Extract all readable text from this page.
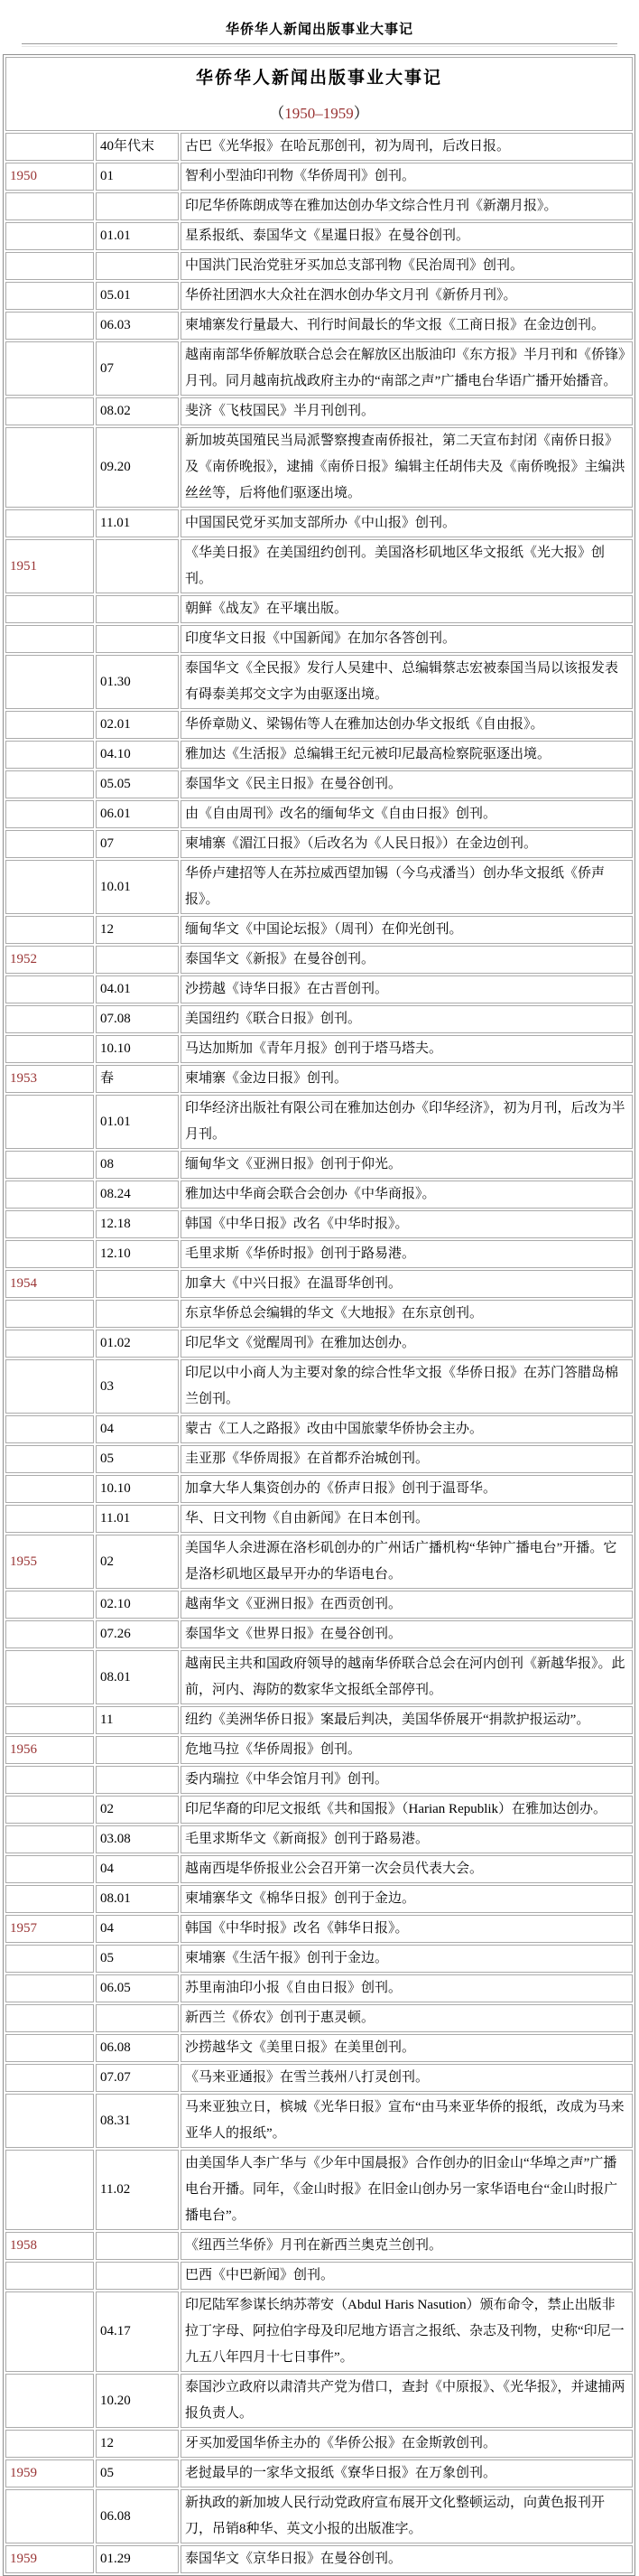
华侨华人新闻出版事业大事记
华侨华人新闻出版事业大事记
（1950–1959）		

	40年代末	古巴《光华报》在哈瓦那创刊，初为周刊，后改日报。
1950	01	智利小型油印刊物《华侨周刊》创刊。
		印尼华侨陈朗成等在雅加达创办华文综合性月刊《新潮月报》。
	01.01	星系报纸、泰国华文《星暹日报》在曼谷创刊。
		中国洪门民治党驻牙买加总支部刊物《民治周刊》创刊。
	05.01	华侨社团泗水大众社在泗水创办华文月刊《新侨月刊》。
	06.03	柬埔寨发行量最大、刊行时间最长的华文报《工商日报》在金边创刊。
	07	越南南部华侨解放联合总会在解放区出版油印《东方报》半月刊和《侨锋》月刊。同月越南抗战政府主办的“南部之声”广播电台华语广播开始播音。
	08.02	斐济《飞枝国民》半月刊创刊。
	09.20	新加坡英国殖民当局派警察搜查南侨报社，第二天宣布封闭《南侨日报》及《南侨晚报》，逮捕《南侨日报》编辑主任胡伟夫及《南侨晚报》主编洪丝丝等，后将他们驱逐出境。
	11.01	中国国民党牙买加支部所办《中山报》创刊。
1951		《华美日报》在美国纽约创刊。美国洛杉矶地区华文报纸《光大报》创刊。
		朝鲜《战友》在平壤出版。
		印度华文日报《中国新闻》在加尔各答创刊。
	01.30	泰国华文《全民报》发行人吴建中、总编辑蔡志宏被泰国当局以该报发表有碍泰美邦交文字为由驱逐出境。
	02.01	华侨章勋义、梁锡佑等人在雅加达创办华文报纸《自由报》。
	04.10	雅加达《生活报》总编辑王纪元被印尼最高检察院驱逐出境。
	05.05	泰国华文《民主日报》在曼谷创刊。
	06.01	由《自由周刊》改名的缅甸华文《自由日报》创刊。
	07	柬埔寨《湄江日报》（后改名为《人民日报》）在金边创刊。
	10.01	华侨卢建招等人在苏拉威西望加锡（今乌戎潘当）创办华文报纸《侨声报》。
	12	缅甸华文《中国论坛报》（周刊）在仰光创刊。
1952		泰国华文《新报》在曼谷创刊。
	04.01	沙捞越《诗华日报》在古晋创刊。
	07.08	美国纽约《联合日报》创刊。
	10.10	马达加斯加《青年月报》创刊于塔马塔夫。
1953	春	柬埔寨《金边日报》创刊。
	01.01	印华经济出版社有限公司在雅加达创办《印华经济》，初为月刊，后改为半月刊。
	08	缅甸华文《亚洲日报》创刊于仰光。
	08.24	雅加达中华商会联合会创办《中华商报》。
	12.18	韩国《中华日报》改名《中华时报》。
	12.10	毛里求斯《华侨时报》创刊于路易港。
1954		加拿大《中兴日报》在温哥华创刊。
		东京华侨总会编辑的华文《大地报》在东京创刊。
	01.02	印尼华文《觉醒周刊》在雅加达创办。
	03	印尼以中小商人为主要对象的综合性华文报《华侨日报》在苏门答腊岛棉兰创刊。
	04	蒙古《工人之路报》改由中国旅蒙华侨协会主办。
	05	圭亚那《华侨周报》在首都乔治城创刊。
	10.10	加拿大华人集资创办的《侨声日报》创刊于温哥华。
	11.01	华、日文刊物《自由新闻》在日本创刊。
1955	02	美国华人余进源在洛杉矶创办的广州话广播机构“华钟广播电台”开播。它是洛杉矶地区最早开办的华语电台。
	02.10	越南华文《亚洲日报》在西贡创刊。
	07.26	泰国华文《世界日报》在曼谷创刊。
	08.01	越南民主共和国政府领导的越南华侨联合总会在河内创刊《新越华报》。此前，河内、海防的数家华文报纸全部停刊。
	11	纽约《美洲华侨日报》案最后判决，美国华侨展开“捐款护报运动”。
1956		危地马拉《华侨周报》创刊。
		委内瑞拉《中华会馆月刊》创刊。
	02	印尼华裔的印尼文报纸《共和国报》（Harian Republik）在雅加达创办。
	03.08	毛里求斯华文《新商报》创刊于路易港。
	04	越南西堤华侨报业公会召开第一次会员代表大会。
	08.01	柬埔寨华文《棉华日报》创刊于金边。
1957	04	韩国《中华时报》改名《韩华日报》。
	05	柬埔寨《生活午报》创刊于金边。
	06.05	苏里南油印小报《自由日报》创刊。
		新西兰《侨农》创刊于惠灵顿。
	06.08	沙捞越华文《美里日报》在美里创刊。
	07.07	《马来亚通报》在雪兰莪州八打灵创刊。
	08.31	马来亚独立日，槟城《光华日报》宣布“由马来亚华侨的报纸，改成为马来亚华人的报纸”。
	11.02	由美国华人李广华与《少年中国晨报》合作创办的旧金山“华埠之声”广播电台开播。同年，《金山时报》在旧金山创办另一家华语电台“金山时报广播电台”。
1958		《纽西兰华侨》月刊在新西兰奥克兰创刊。
		巴西《中巴新闻》创刊。
	04.17	印尼陆军参谋长纳苏蒂安（Abdul Haris Nasution）颁布命令，禁止出版非拉丁字母、阿拉伯字母及印尼地方语言之报纸、杂志及刊物，史称“印尼一九五八年四月十七日事件”。
	10.20	泰国沙立政府以肃清共产党为借口，查封《中原报》、《光华报》，并逮捕两报负责人。
	12	牙买加爱国华侨主办的《华侨公报》在金斯敦创刊。
1959	05	老挝最早的一家华文报纸《寮华日报》在万象创刊。
	06.08	新执政的新加坡人民行动党政府宣布展开文化整顿运动，向黄色报刊开刀，吊销8种华、英文小报的出版准字。
1959	01.29	泰国华文《京华日报》在曼谷创刊。
